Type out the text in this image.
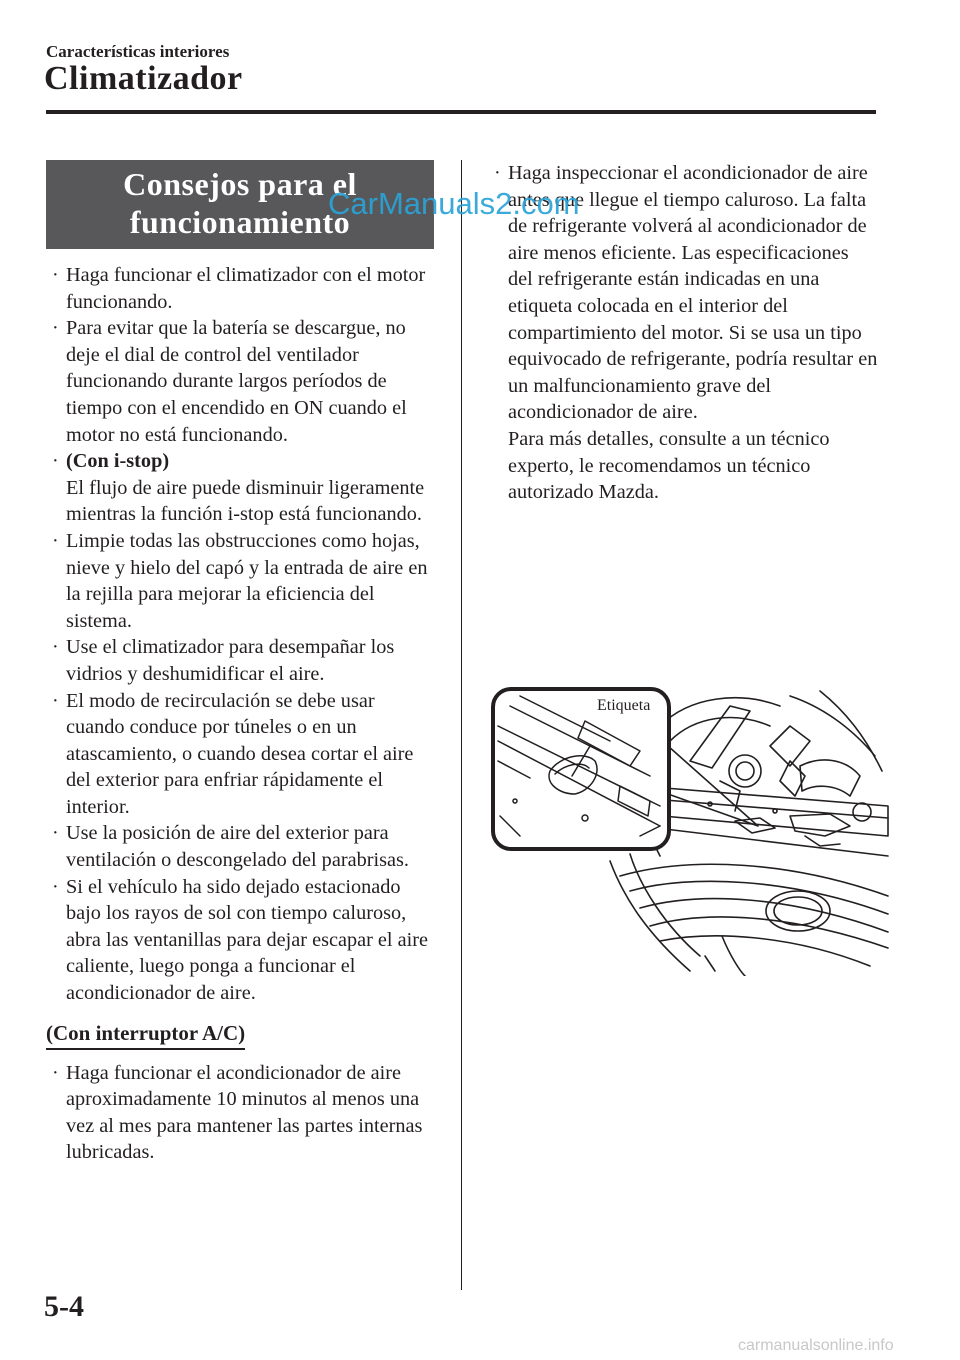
Características interiores
Climatizador
Consejos para el
funcionamiento
· Haga funcionar el climatizador con el motor funcionando.
· Para evitar que la batería se descargue, no deje el dial de control del ventilador funcionando durante largos períodos de tiempo con el encendido en ON cuando el motor no está funcionando.
· (Con i-stop)
El flujo de aire puede disminuir ligeramente mientras la función i-stop está funcionando.
· Limpie todas las obstrucciones como hojas, nieve y hielo del capó y la entrada de aire en la rejilla para mejorar la eficiencia del sistema.
· Use el climatizador para desempañar los vidrios y deshumidificar el aire.
· El modo de recirculación se debe usar cuando conduce por túneles o en un atascamiento, o cuando desea cortar el aire del exterior para enfriar rápidamente el interior.
· Use la posición de aire del exterior para ventilación o descongelado del parabrisas.
· Si el vehículo ha sido dejado estacionado bajo los rayos de sol con tiempo caluroso, abra las ventanillas para dejar escapar el aire caliente, luego ponga a funcionar el acondicionador de aire.
(Con interruptor A/C)
· Haga funcionar el acondicionador de aire aproximadamente 10 minutos al menos una vez al mes para mantener las partes internas lubricadas.
· Haga inspeccionar el acondicionador de aire antes que llegue el tiempo caluroso. La falta de refrigerante volverá al acondicionador de aire menos eficiente. Las especificaciones del refrigerante están indicadas en una etiqueta colocada en el interior del compartimiento del motor. Si se usa un tipo equivocado de refrigerante, podría resultar en un malfuncionamiento grave del acondicionador de aire.
Para más detalles, consulte a un técnico experto, le recomendamos un técnico autorizado Mazda.
Etiqueta
CarManuals2.com
5-4
carmanualsonline.info
